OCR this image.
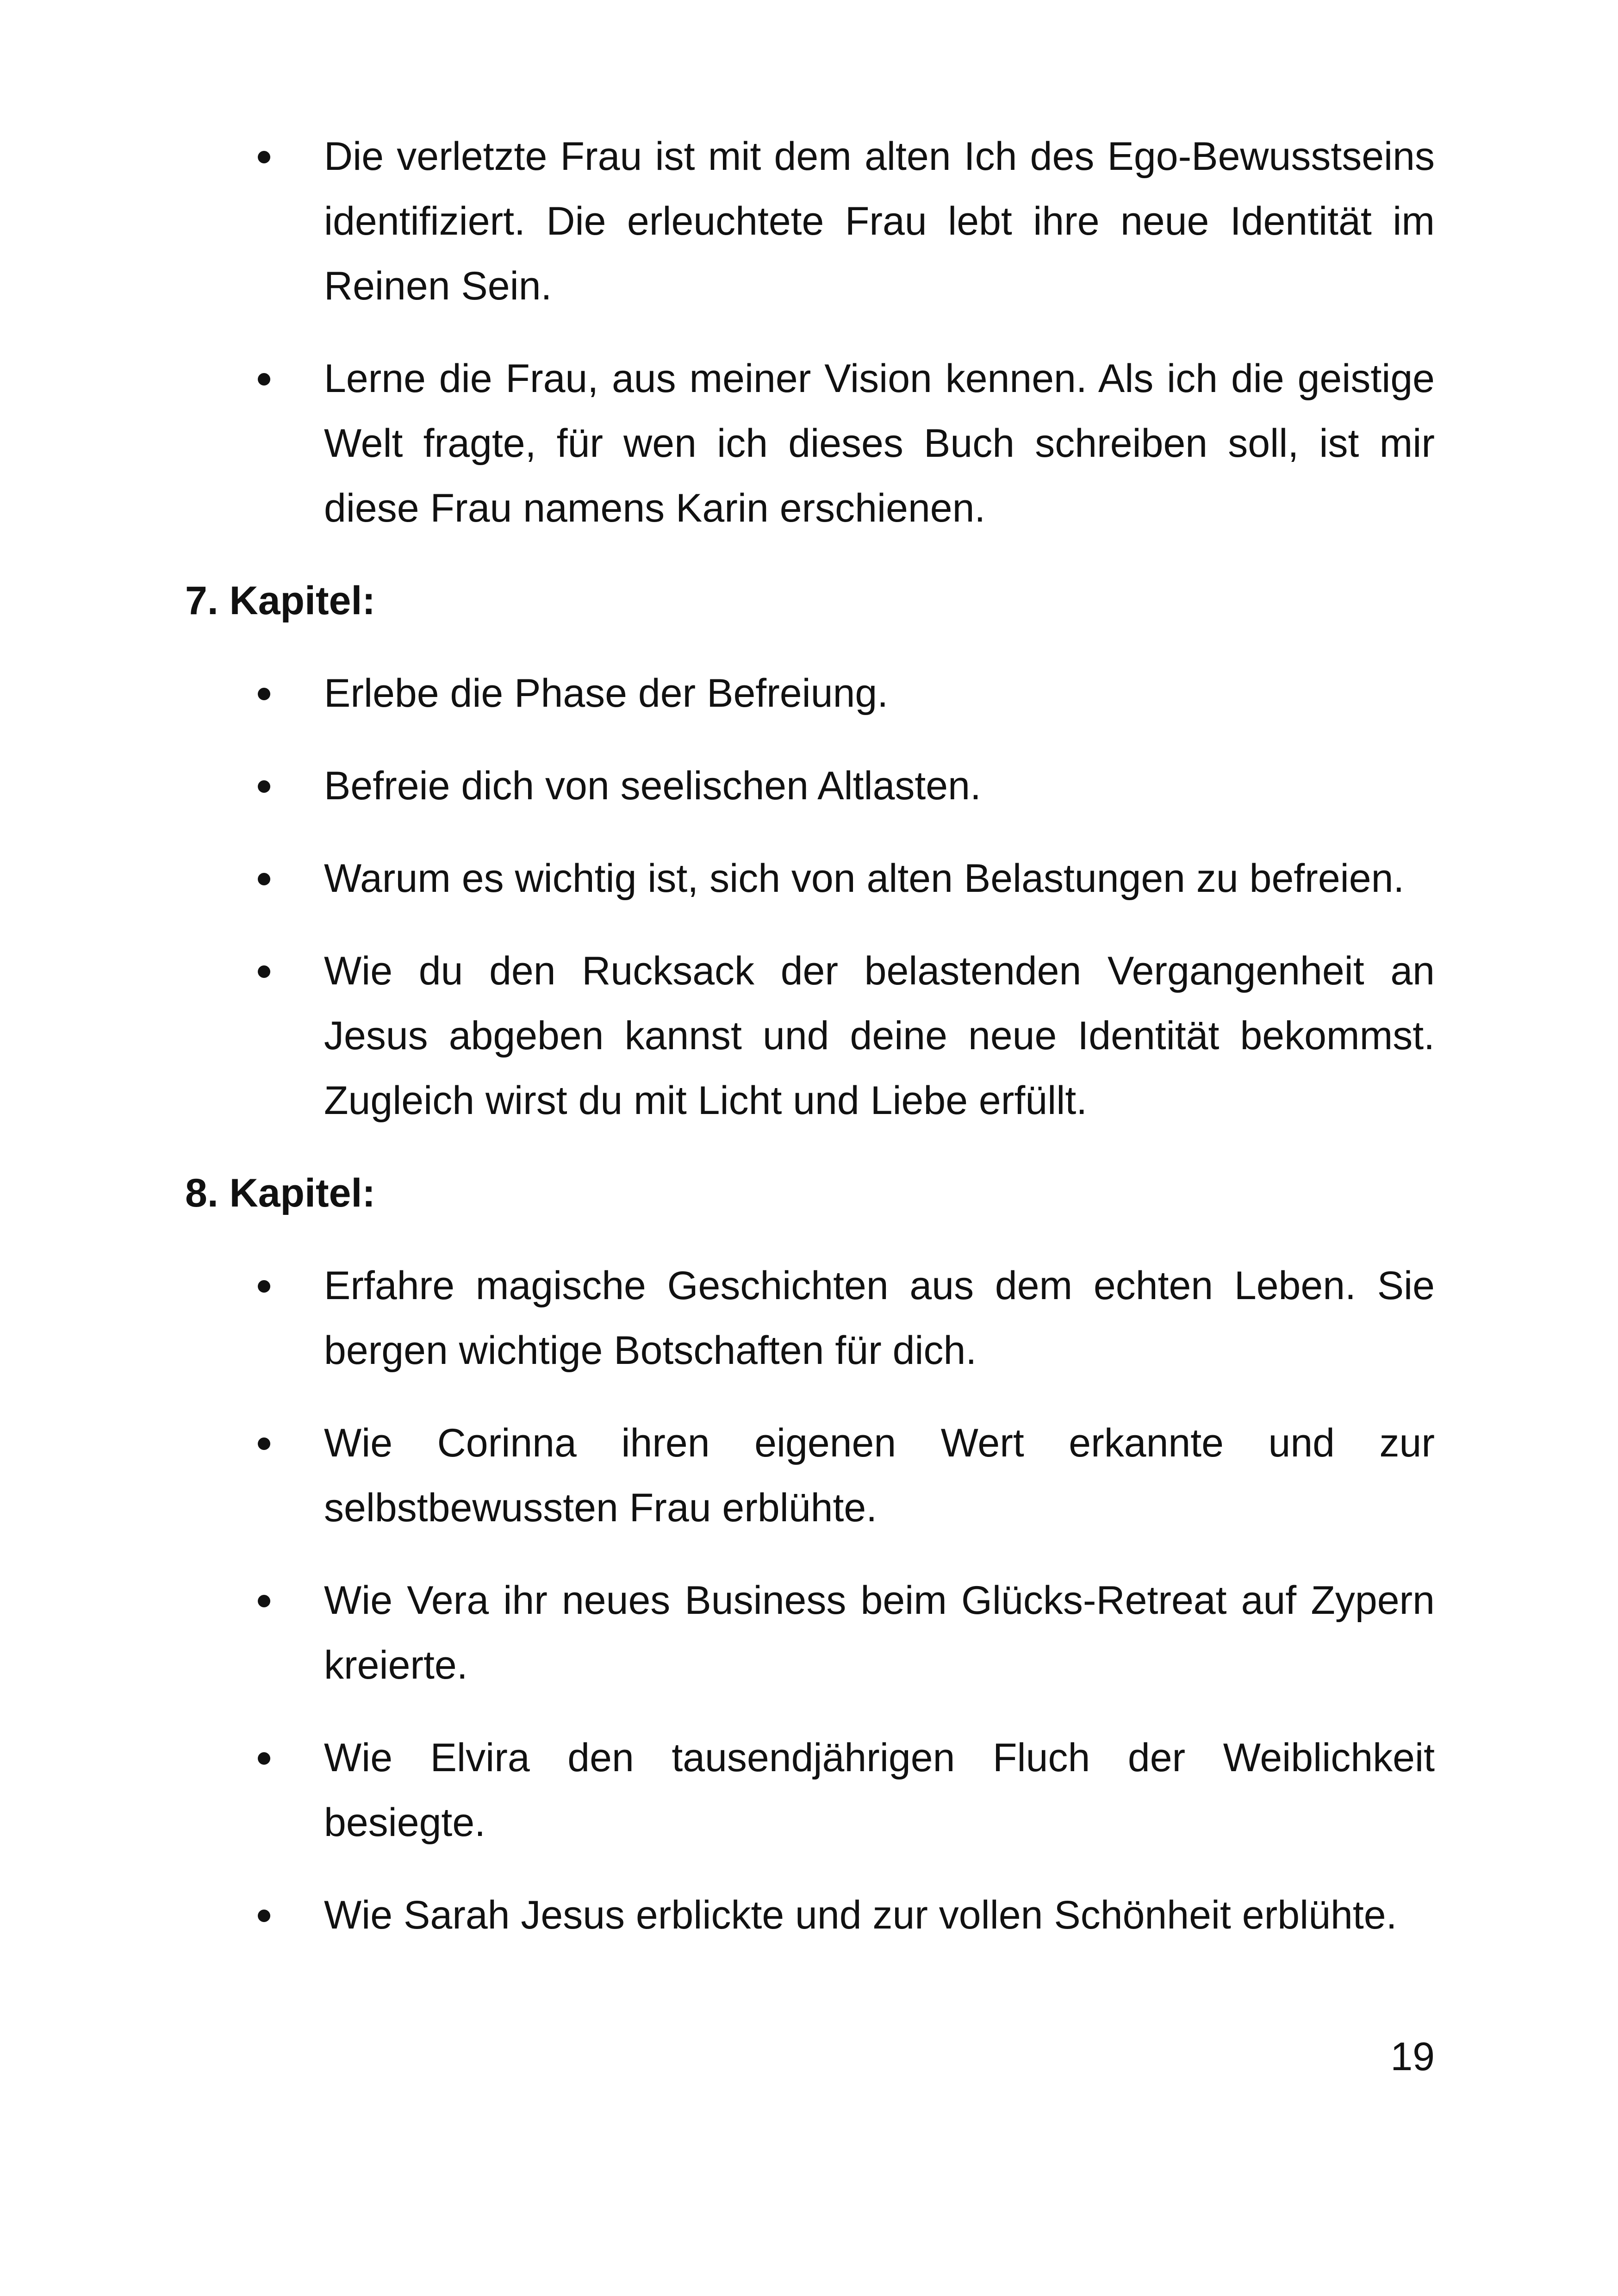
Die verletzte Frau ist mit dem alten Ich des Ego-Bewusstseins identifiziert. Die erleuchtete Frau lebt ihre neue Identität im Reinen Sein.
Lerne die Frau, aus meiner Vision kennen. Als ich die geistige Welt fragte, für wen ich dieses Buch schreiben soll, ist mir diese Frau namens Karin erschienen.
7. Kapitel:
Erlebe die Phase der Befreiung.
Befreie dich von seelischen Altlasten.
Warum es wichtig ist, sich von alten Belastungen zu befreien.
Wie du den Rucksack der belastenden Vergangenheit an Jesus abgeben kannst und deine neue Identität bekommst. Zugleich wirst du mit Licht und Liebe erfüllt.
8. Kapitel:
Erfahre magische Geschichten aus dem echten Leben. Sie bergen wichtige Botschaften für dich.
Wie Corinna ihren eigenen Wert erkannte und zur selbstbewussten Frau erblühte.
Wie Vera ihr neues Business beim Glücks-Retreat auf Zypern kreierte.
Wie Elvira den tausendjährigen Fluch der Weiblichkeit besiegte.
Wie Sarah Jesus erblickte und zur vollen Schönheit erblühte.
19
